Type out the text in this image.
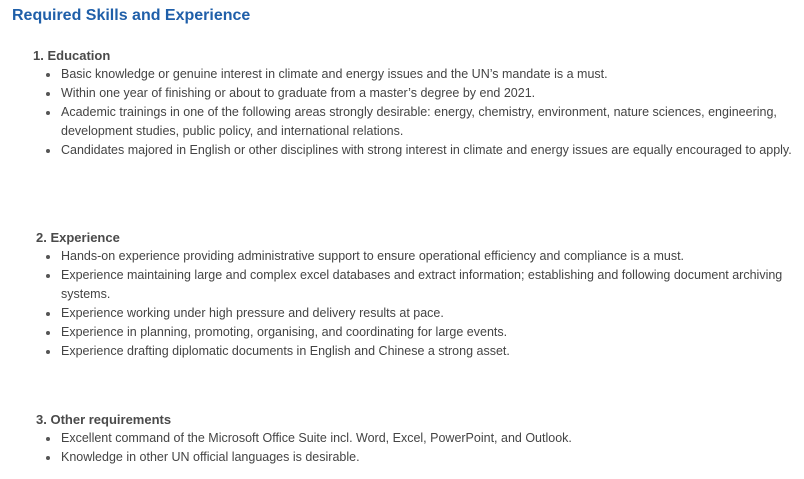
Required Skills and Experience
1. Education
Basic knowledge or genuine interest in climate and energy issues and the UN’s mandate is a must.
Within one year of finishing or about to graduate from a master’s degree by end 2021.
Academic trainings in one of the following areas strongly desirable: energy, chemistry, environment, nature sciences, engineering, development studies, public policy, and international relations.
Candidates majored in English or other disciplines with strong interest in climate and energy issues are equally encouraged to apply.
2. Experience
Hands-on experience providing administrative support to ensure operational efficiency and compliance is a must.
Experience maintaining large and complex excel databases and extract information; establishing and following document archiving systems.
Experience working under high pressure and delivery results at pace.
Experience in planning, promoting, organising, and coordinating for large events.
Experience drafting diplomatic documents in English and Chinese a strong asset.
3. Other requirements
Excellent command of the Microsoft Office Suite incl. Word, Excel, PowerPoint, and Outlook.
Knowledge in other UN official languages is desirable.
